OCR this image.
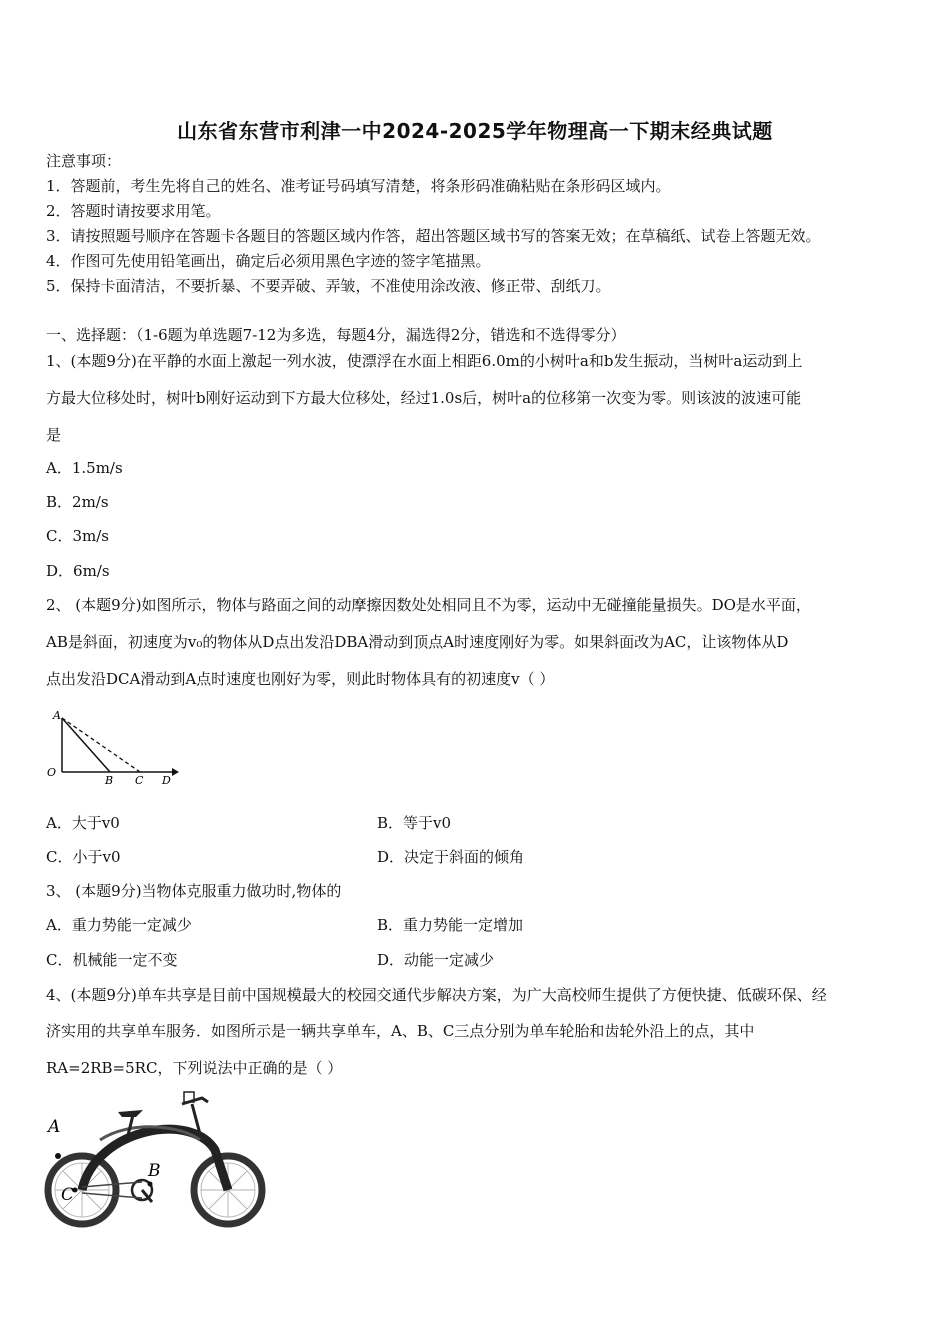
山东省东营市利津一中2024-2025学年物理高一下期末经典试题
注意事项：
1．答题前，考生先将自己的姓名、准考证号码填写清楚，将条形码准确粘贴在条形码区域内。
2．答题时请按要求用笔。
3．请按照题号顺序在答题卡各题目的答题区域内作答，超出答题区域书写的答案无效；在草稿纸、试卷上答题无效。
4．作图可先使用铅笔画出，确定后必须用黑色字迹的签字笔描黑。
5．保持卡面清洁，不要折暴、不要弄破、弄皱，不准使用涂改液、修正带、刮纸刀。
一、选择题：（1-6题为单选题7-12为多选，每题4分，漏选得2分，错选和不选得零分）
1、(本题9分)在平静的水面上激起一列水波，使漂浮在水面上相距6.0m的小树叶a和b发生振动，当树叶a运动到上
方最大位移处时，树叶b刚好运动到下方最大位移处，经过1.0s后，树叶a的位移第一次变为零。则该波的波速可能
是
A．1.5m/s
B．2m/s
C．3m/s
D．6m/s
2、 (本题9分)如图所示，物体与路面之间的动摩擦因数处处相同且不为零，运动中无碰撞能量损失。DO是水平面，
AB是斜面，初速度为v₀的物体从D点出发沿DBA滑动到顶点A时速度刚好为零。如果斜面改为AC，让该物体从D
点出发沿DCA滑动到A点时速度也刚好为零，则此时物体具有的初速度v（ ）
A
O
B C D
A．大于v0	B．等于v0
C．小于v0	D．决定于斜面的倾角
3、 (本题9分)当物体克服重力做功时,物体的
A．重力势能一定减少	B．重力势能一定增加
C．机械能一定不变	D．动能一定减少
4、(本题9分)单车共享是目前中国规模最大的校园交通代步解决方案，为广大高校师生提供了方便快捷、低碳环保、经
济实用的共享单车服务．如图所示是一辆共享单车，A、B、C三点分别为单车轮胎和齿轮外沿上的点，其中
RA=2RB=5RC，下列说法中正确的是（ ）
A
B
C
